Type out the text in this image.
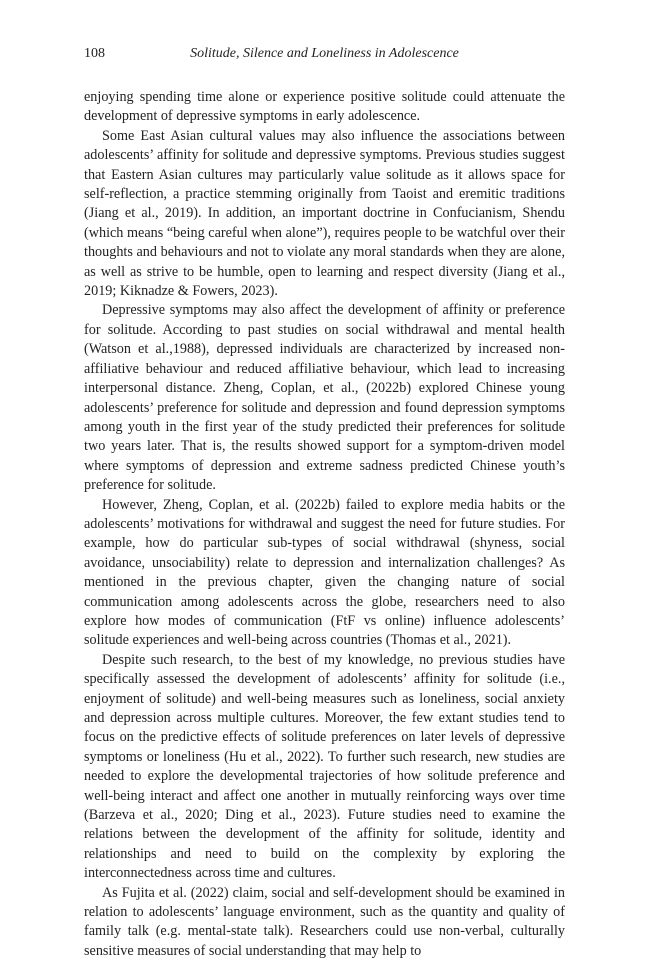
108	Solitude, Silence and Loneliness in Adolescence

enjoying spending time alone or experience positive solitude could attenuate the development of depressive symptoms in early adolescence.

Some East Asian cultural values may also influence the associations between adolescents’ affinity for solitude and depressive symptoms. Previous studies suggest that Eastern Asian cultures may particularly value solitude as it allows space for self-reflection, a practice stemming originally from Taoist and eremitic traditions (Jiang et al., 2019). In addition, an important doctrine in Confucianism, Shendu (which means “being careful when alone”), requires people to be watchful over their thoughts and behaviours and not to violate any moral standards when they are alone, as well as strive to be humble, open to learning and respect diversity (Jiang et al., 2019; Kiknadze & Fowers, 2023).

Depressive symptoms may also affect the development of affinity or preference for solitude. According to past studies on social withdrawal and mental health (Watson et al.,1988), depressed individuals are characterized by increased non-affiliative behaviour and reduced affiliative behaviour, which lead to increasing interpersonal distance. Zheng, Coplan, et al., (2022b) explored Chinese young adolescents’ preference for solitude and depression and found depression symptoms among youth in the first year of the study predicted their preferences for solitude two years later. That is, the results showed support for a symptom-driven model where symptoms of depression and extreme sadness predicted Chinese youth’s preference for solitude.

However, Zheng, Coplan, et al. (2022b) failed to explore media habits or the adolescents’ motivations for withdrawal and suggest the need for future studies. For example, how do particular sub-types of social withdrawal (shyness, social avoidance, unsociability) relate to depression and internalization challenges? As mentioned in the previous chapter, given the changing nature of social communication among adolescents across the globe, researchers need to also explore how modes of communication (FtF vs online) influence adolescents’ solitude experiences and well-being across countries (Thomas et al., 2021).

Despite such research, to the best of my knowledge, no previous studies have specifically assessed the development of adolescents’ affinity for solitude (i.e., enjoyment of solitude) and well-being measures such as loneliness, social anxiety and depression across multiple cultures. Moreover, the few extant studies tend to focus on the predictive effects of solitude preferences on later levels of depressive symptoms or loneliness (Hu et al., 2022). To further such research, new studies are needed to explore the developmental trajectories of how solitude preference and well-being interact and affect one another in mutually reinforcing ways over time (Barzeva et al., 2020; Ding et al., 2023). Future studies need to examine the relations between the development of the affinity for solitude, identity and relationships and need to build on the complexity by exploring the interconnectedness across time and cultures.

As Fujita et al. (2022) claim, social and self-development should be examined in relation to adolescents’ language environment, such as the quantity and quality of family talk (e.g. mental-state talk). Researchers could use non-verbal, culturally sensitive measures of social understanding that may help to
